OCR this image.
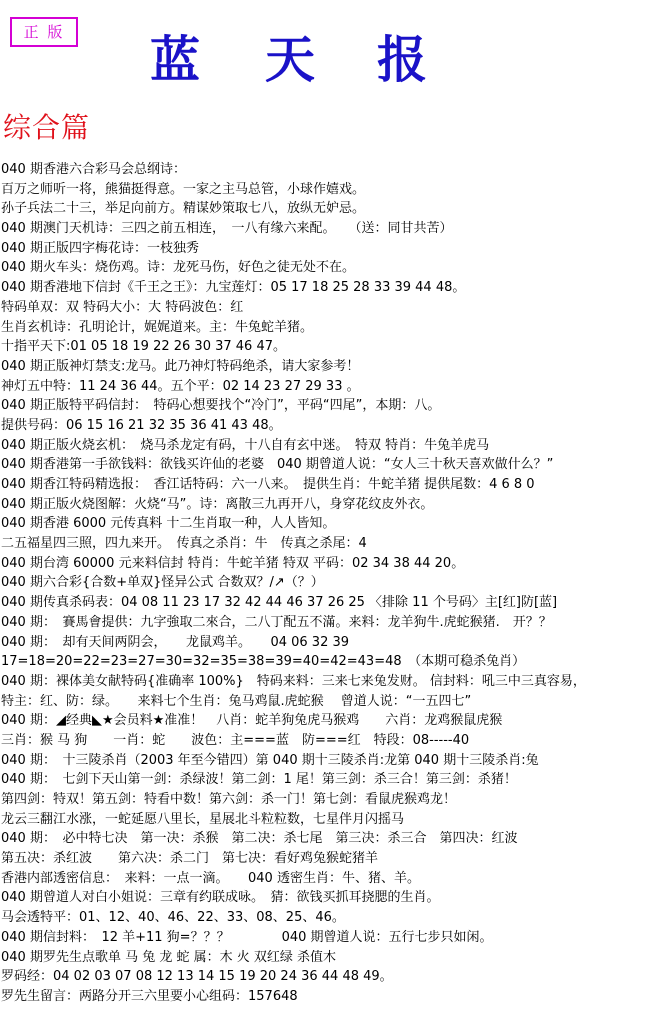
正 版 蓝 天 报
综合篇
040 期香港六合彩马会总纲诗：
百万之师听一将，熊猫挺得意。一家之主马总管，小球作嬉戏。
孙子兵法二十三，举足向前方。精谋妙策取七八，放纵无妒忌。
040 期澳门天机诗：三四之前五相连，　一八有缘六来配。　　（送：同甘共苦）
040 期正版四字梅花诗：一枝独秀
040 期火车头：烧伤鸡。诗：龙死马伤，好色之徒无处不在。
040 期香港地下信封《千王之王》：九宝莲灯：05 17 18 25 28 33 39 44 48。
特码单双：双 特码大小：大 特码波色：红
生肖玄机诗：孔明论计，娓娓道来。主：牛兔蛇羊猪。
十指平天下:01 05 18 19 22 26 30 37 46 47。
040 期正版神灯禁支:龙马。此乃神灯特码绝杀，请大家参考！
神灯五中特：11 24 36 44。五个平：02 14 23 27 29 33 。
040 期正版特平码信封：　特码心想要找个“冷门”，平码“四尾”，本期：八。
提供号码：06 15 16 21 32 35 36 41 43 48。
040 期正版火烧玄机：　烧马杀龙定有码，十八自有玄中迷。　特双 特肖：牛兔羊虎马
040 期香港第一手欲钱料：欲钱买许仙的老婆　040 期曾道人说：“女人三十秋天喜欢做什么？”
040 期香江特码精选报：　香江话特码：六一八来。　提供生肖：牛蛇羊猪 提供尾数：4 6 8 0
040 期正版火烧图解：火烧“马”。诗：离散三九再开八，身穿花纹皮外衣。
040 期香港 6000 元传真料 十二生肖取一种，人人皆知。
二五福星四三照，四九来开。　传真之杀肖：牛　传真之杀尾：4
040 期台湾 60000 元来料信封 特肖：牛蛇羊猪 特双 平码：02 34 38 44 20。
040 期六合彩{合数+单双}怪异公式 合数双？/↗（？）
040 期传真杀码表：04 08 11 23 17 32 42 44 46 37 26 25 〈排除 11 个号码〉主[红]防[蓝]
040 期：　賽馬會提供：九字強取二來合，二八丁配五不滿。来料：龙羊狗牛.虎蛇猴猪.　开？？
040 期：　却有天间两阴会，　　龙鼠鸡羊。　　04 06 32 39
17=18=20=22=23=27=30=32=35=38=39=40=42=43=48　（本期可稳杀兔肖）
040 期：裸体美女献特码{准确率 100%}　特码来料：三来七来兔发财。 信封料：吼三中三真容易，
特主：红、防：绿。　　来料七个生肖：兔马鸡鼠.虎蛇猴　 曾道人说：“一五四七”
040 期：◢经典◣★会员料★准准！　八肖：蛇羊狗兔虎马猴鸡　　六肖：龙鸡猴鼠虎猴
三肖：猴 马 狗　　一肖：蛇　　波色：主===蓝　防===红　特段：08-----40
040 期：　十三陵杀肖（2003 年至今错四）第 040 期十三陵杀肖:龙第 040 期十三陵杀肖:兔
040 期：　七剑下天山第一剑：杀绿波！第二剑：1 尾！第三剑：杀三合！第三剑：杀猪！
第四剑：特双！第五剑：特看中数！第六剑：杀一门！第七剑：看鼠虎猴鸡龙！
龙云三翻江水涨，一蛇延愿八里长，星展北斗粒粒数，七星伴月闪摇马
040 期：　必中特七决　第一决：杀猴　第二决：杀七尾　第三决：杀三合　第四决：红波
第五决：杀红波　　第六决：杀二门　第七决：看好鸡兔猴蛇猪羊
香港内部透密信息：　来料：一点一滴。　　040 透密生肖：牛、猪、羊。
040 期曾道人对白小姐说：三章有约联成咏。　猜：欲钱买抓耳挠腮的生肖。
马会透特平：01、12、40、46、22、33、08、25、46。
040 期信封料：　12 羊+11 狗=？？？　　　　040 期曾道人说：五行七步只如闲。
040 期罗先生点歌单 马 兔 龙 蛇 属：木 火 双红绿 杀值木
罗码经：04 02 03 07 08 12 13 14 15 19 20 24 36 44 48 49。
罗先生留言：两路分开三六里要小心组码：157648
